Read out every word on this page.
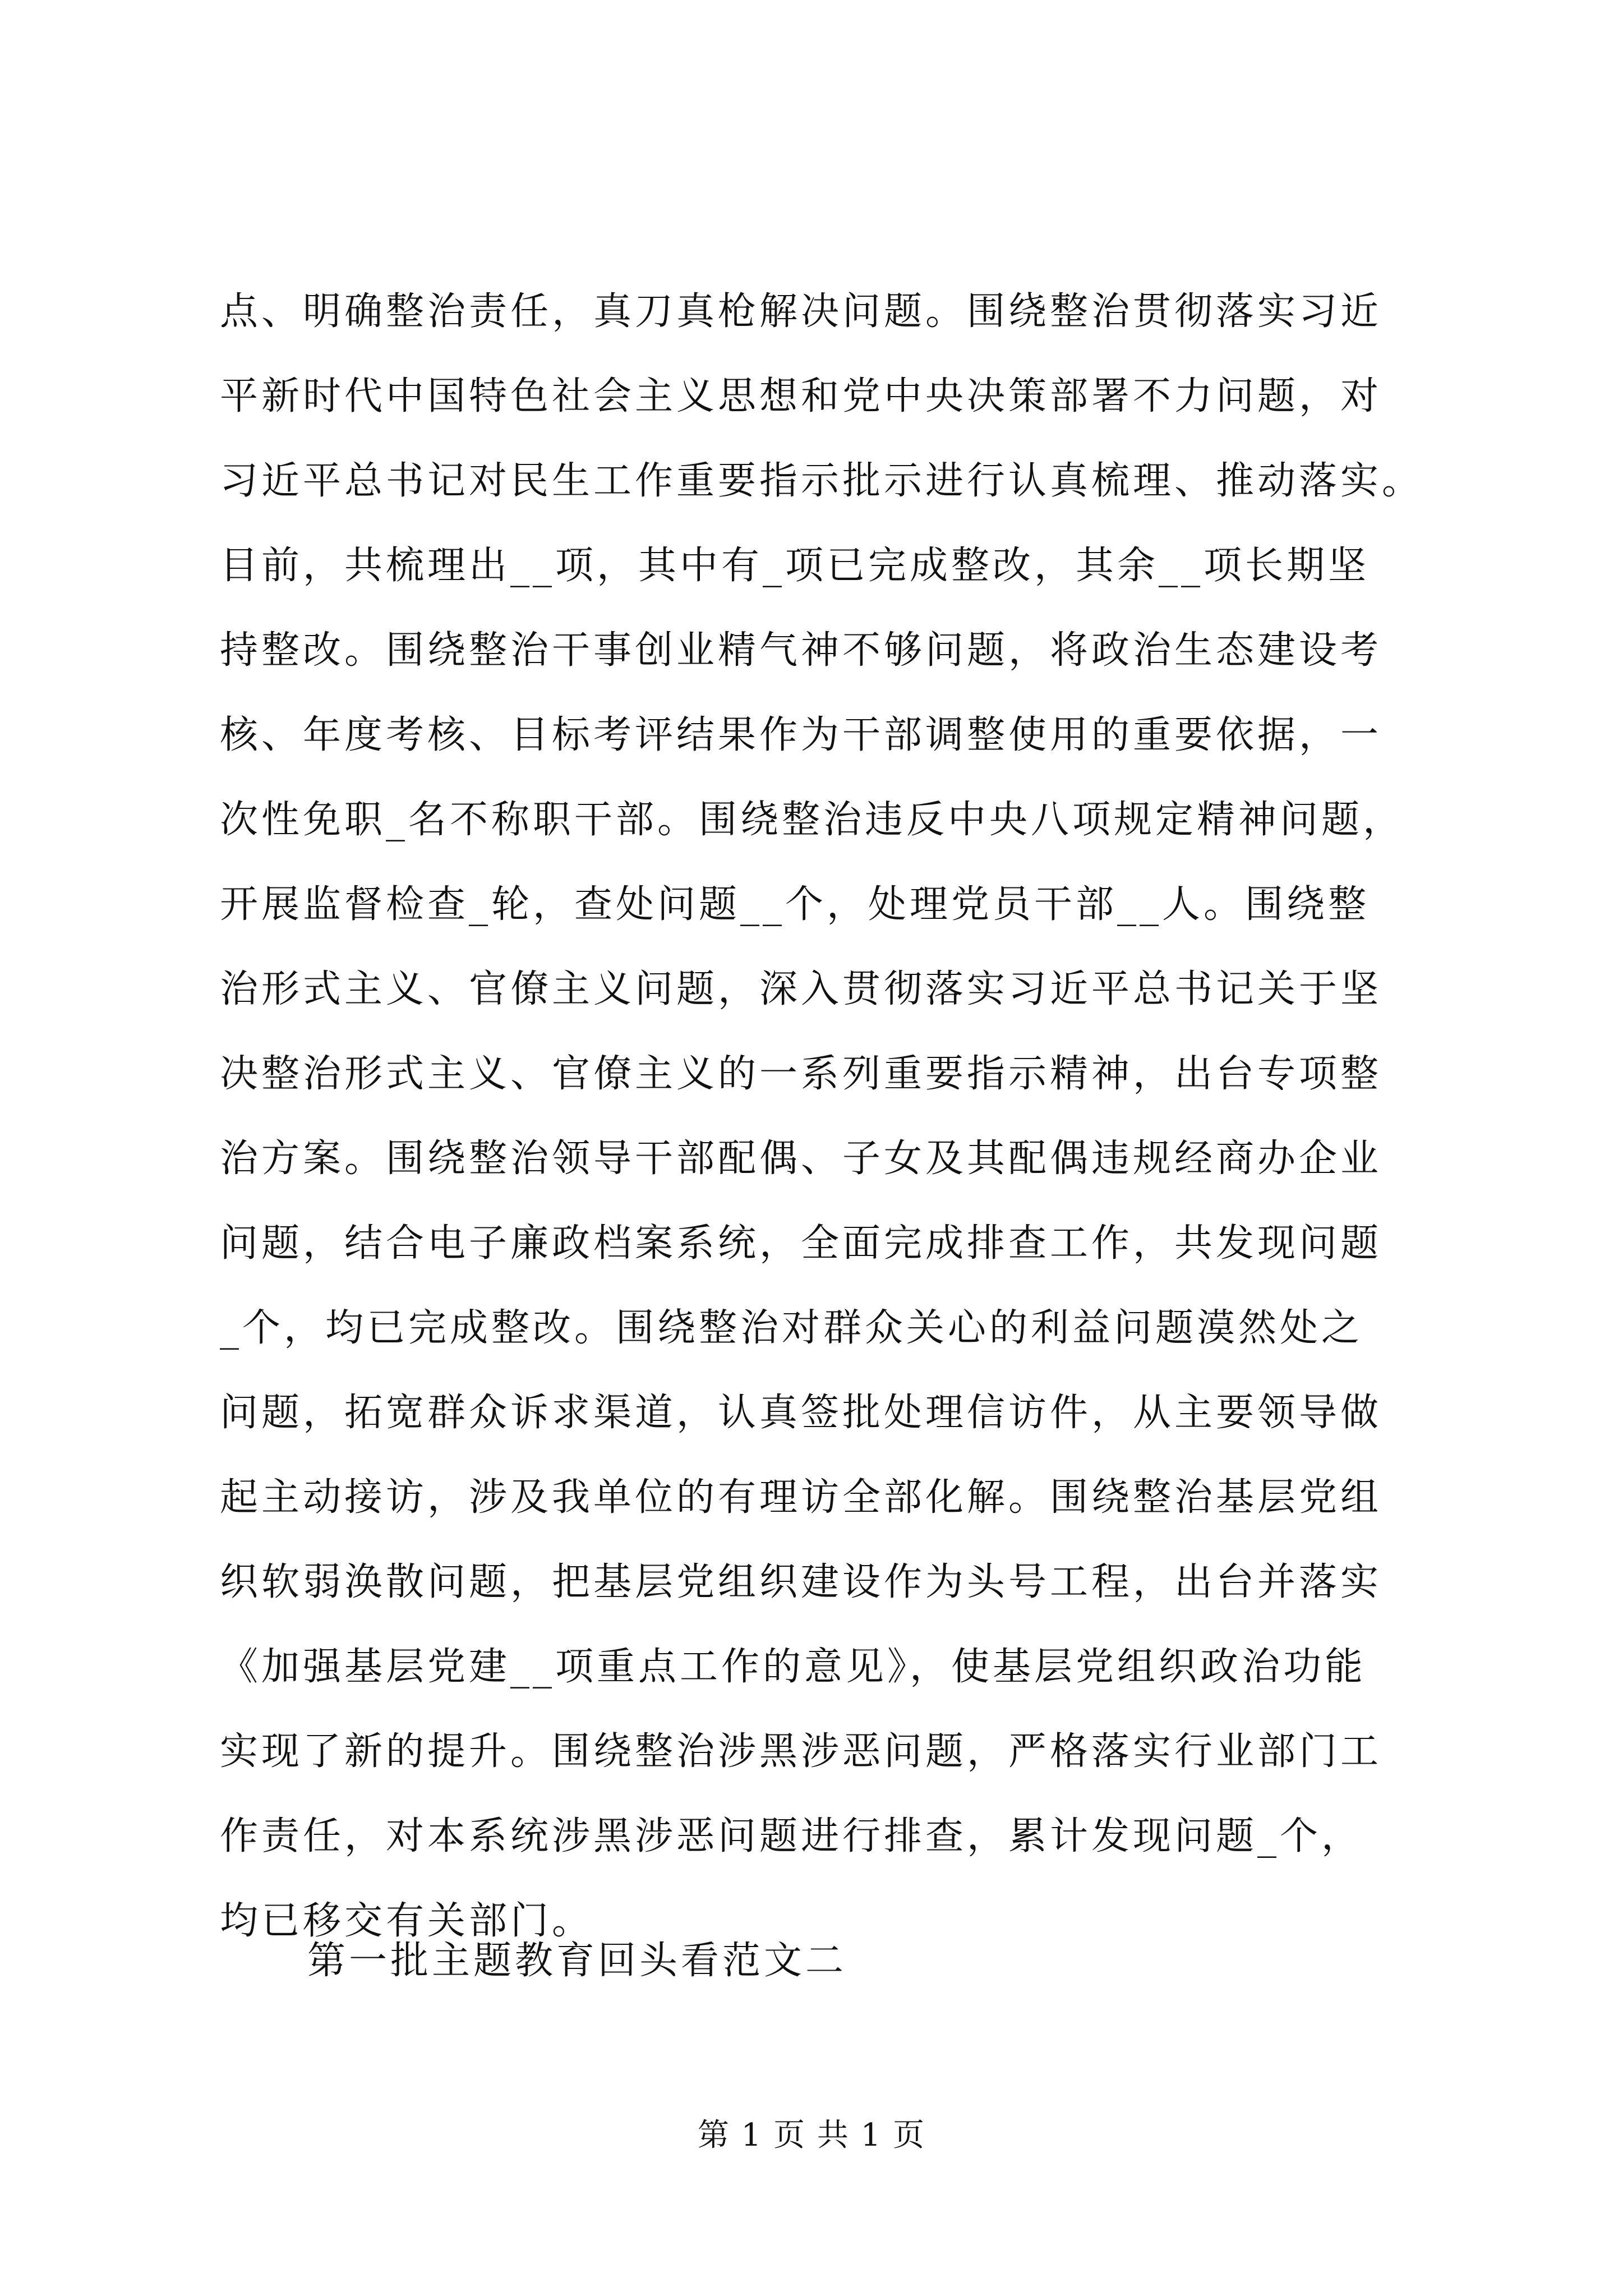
点、明确整治责任，真刀真枪解决问题。围绕整治贯彻落实习近
平新时代中国特色社会主义思想和党中央决策部署不力问题，对
习近平总书记对民生工作重要指示批示进行认真梳理、推动落实。
目前，共梳理出__项，其中有_项已完成整改，其余__项长期坚
持整改。围绕整治干事创业精气神不够问题，将政治生态建设考
核、年度考核、目标考评结果作为干部调整使用的重要依据，一
次性免职_名不称职干部。围绕整治违反中央八项规定精神问题，
开展监督检查_轮，查处问题__个，处理党员干部__人。围绕整
治形式主义、官僚主义问题，深入贯彻落实习近平总书记关于坚
决整治形式主义、官僚主义的一系列重要指示精神，出台专项整
治方案。围绕整治领导干部配偶、子女及其配偶违规经商办企业
问题，结合电子廉政档案系统，全面完成排查工作，共发现问题
_个，均已完成整改。围绕整治对群众关心的利益问题漠然处之
问题，拓宽群众诉求渠道，认真签批处理信访件，从主要领导做
起主动接访，涉及我单位的有理访全部化解。围绕整治基层党组
织软弱涣散问题，把基层党组织建设作为头号工程，出台并落实
《加强基层党建__项重点工作的意见》，使基层党组织政治功能
实现了新的提升。围绕整治涉黑涉恶问题，严格落实行业部门工
作责任，对本系统涉黑涉恶问题进行排查，累计发现问题_个，
均已移交有关部门。
第一批主题教育回头看范文二
第 1 页 共 1 页
